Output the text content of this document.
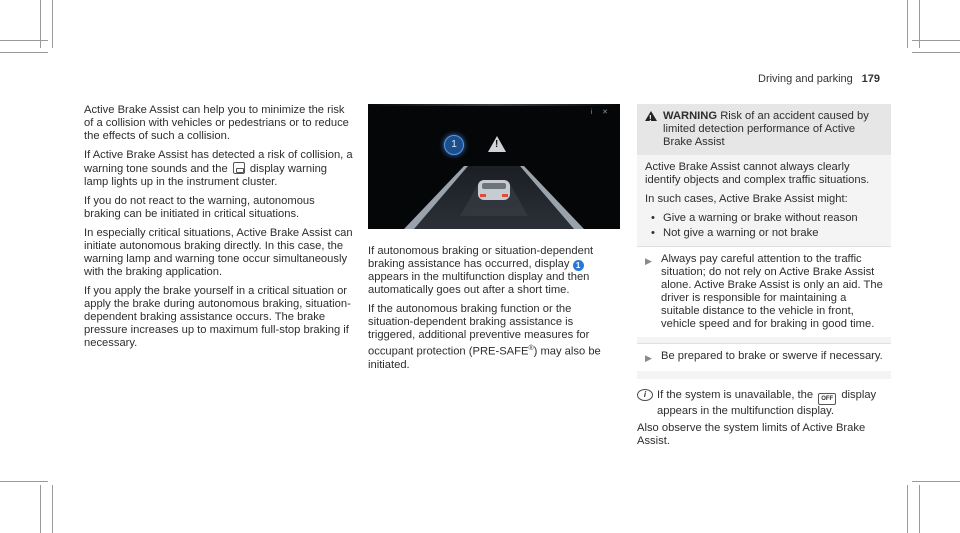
Driving and parking 179

Active Brake Assist can help you to minimize the risk of a collision with vehicles or pedestrians or to reduce the effects of such a collision.

If Active Brake Assist has detected a risk of collision, a warning tone sounds and the display warning lamp lights up in the instrument cluster.

If you do not react to the warning, autonomous braking can be initiated in critical situations.

In especially critical situations, Active Brake Assist can initiate autonomous braking directly. In this case, the warning lamp and warning tone occur simultaneously with the braking application.

If you apply the brake yourself in a critical situation or apply the brake during autonomous braking, situation-dependent braking assistance occurs. The brake pressure increases up to maximum full-stop braking if necessary.

i ✕
1
!

If autonomous braking or situation-dependent braking assistance has occurred, display 1 appears in the multifunction display and then automatically goes out after a short time.

If the autonomous braking function or the situation-dependent braking assistance is triggered, additional preventive measures for occupant protection (PRE-SAFE®) may also be initiated.

!
WARNING Risk of an accident caused by limited detection performance of Active Brake Assist

Active Brake Assist cannot always clearly identify objects and complex traffic situations.

In such cases, Active Brake Assist might:

• Give a warning or brake without reason
• Not give a warning or not brake
▶ Always pay careful attention to the traffic situation; do not rely on Active Brake Assist alone. Active Brake Assist is only an aid. The driver is responsible for maintaining a suitable distance to the vehicle in front, vehicle speed and for braking in good time.
▶ Be prepared to brake or swerve if necessary.
i If the system is unavailable, the OFF display appears in the multifunction display.

Also observe the system limits of Active Brake Assist.
